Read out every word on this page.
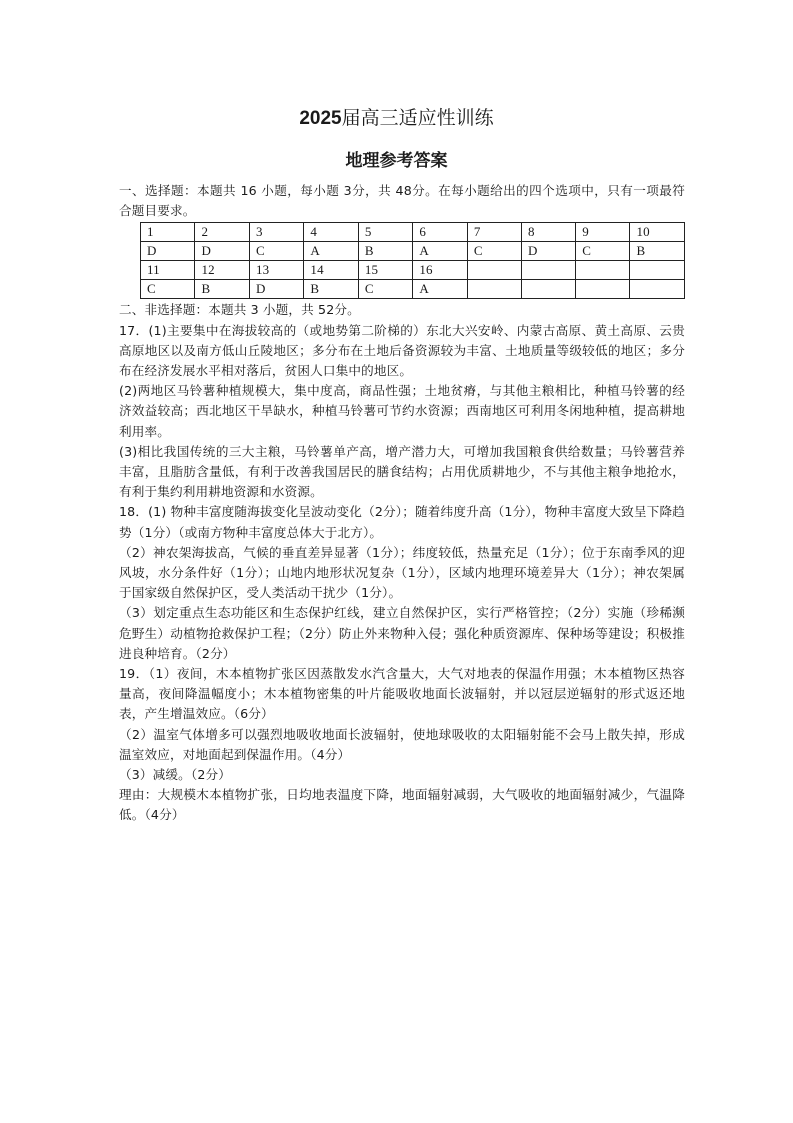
2025届高三适应性训练
地理参考答案

一、选择题：本题共 16 小题，每小题 3分，共 48分。在每小题给出的四个选项中，只有一项最符合题目要求。

1	2	3	4	5	6	7	8	9	10
D	D	C	A	B	A	C	D	C	B
11	12	13	14	15	16				
C	B	D	B	C	A				

二、非选择题：本题共 3 小题，共 52分。

17．(1)主要集中在海拔较高的（或地势第二阶梯的）东北大兴安岭、内蒙古高原、黄土高原、云贵高原地区以及南方低山丘陵地区；多分布在土地后备资源较为丰富、土地质量等级较低的地区；多分布在经济发展水平相对落后，贫困人口集中的地区。

(2)两地区马铃薯种植规模大，集中度高，商品性强；土地贫瘠，与其他主粮相比，种植马铃薯的经济效益较高；西北地区干旱缺水，种植马铃薯可节约水资源；西南地区可利用冬闲地种植，提高耕地利用率。

(3)相比我国传统的三大主粮，马铃薯单产高，增产潜力大，可增加我国粮食供给数量；马铃薯营养丰富，且脂肪含量低，有利于改善我国居民的膳食结构；占用优质耕地少，不与其他主粮争地抢水，有利于集约利用耕地资源和水资源。

18．(1) 物种丰富度随海拔变化呈波动变化（2分）；随着纬度升高（1分），物种丰富度大致呈下降趋势（1分）（或南方物种丰富度总体大于北方）。

（2）神农架海拔高，气候的垂直差异显著（1分）；纬度较低，热量充足（1分）；位于东南季风的迎风坡，水分条件好（1分）；山地内地形状况复杂（1分），区域内地理环境差异大（1分）；神农架属于国家级自然保护区，受人类活动干扰少（1分）。

（3）划定重点生态功能区和生态保护红线，建立自然保护区，实行严格管控；（2分）实施（珍稀濒危野生）动植物抢救保护工程；（2分）防止外来物种入侵；强化种质资源库、保种场等建设；积极推进良种培育。（2分）

19．（1）夜间，木本植物扩张区因蒸散发水汽含量大，大气对地表的保温作用强；木本植物区热容量高，夜间降温幅度小；木本植物密集的叶片能吸收地面长波辐射，并以冠层逆辐射的形式返还地表，产生增温效应。（6分）

（2）温室气体增多可以强烈地吸收地面长波辐射，使地球吸收的太阳辐射能不会马上散失掉，形成温室效应，对地面起到保温作用。（4分）

（3）减缓。（2分）

理由：大规模木本植物扩张，日均地表温度下降，地面辐射减弱，大气吸收的地面辐射减少，气温降低。（4分）
